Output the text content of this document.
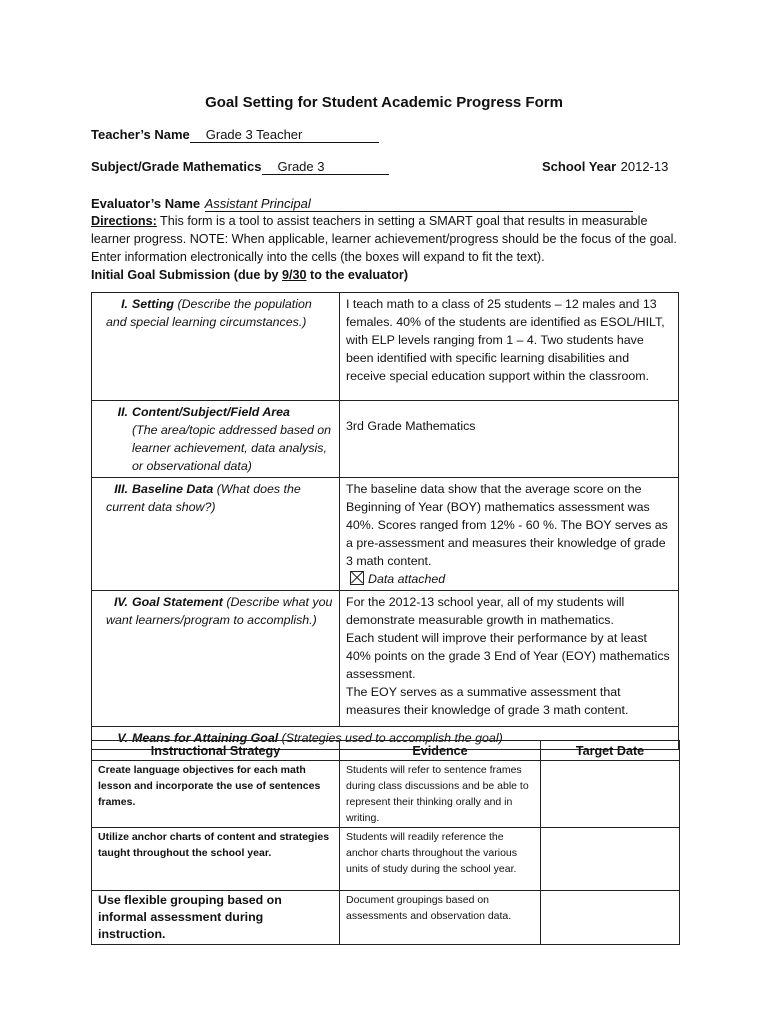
Goal Setting for Student Academic Progress Form
Teacher’s Name Grade 3 Teacher
Subject/Grade Mathematics Grade 3	School Year 2012-13
Evaluator’s Name Assistant Principal
Directions: This form is a tool to assist teachers in setting a SMART goal that results in measurable learner progress. NOTE: When applicable, learner achievement/progress should be the focus of the goal. Enter information electronically into the cells (the boxes will expand to fit the text).
Initial Goal Submission (due by 9/30 to the evaluator)
I. Setting (Describe the population and special learning circumstances.)	I teach math to a class of 25 students – 12 males and 13 females. 40% of the students are identified as ESOL/HILT, with ELP levels ranging from 1 – 4. Two students have been identified with specific learning disabilities and receive special education support within the classroom.

II. Content/Subject/Field Area
(The area/topic addressed based on learner achievement, data analysis, or observational data)	3rd Grade Mathematics

III. Baseline Data (What does the current data show?)	The baseline data show that the average score on the Beginning of Year (BOY) mathematics assessment was 40%. Scores ranged from 12% - 60 %. The BOY serves as a pre-assessment and measures their knowledge of grade 3 math content.
Data attached

IV. Goal Statement (Describe what you want learners/program to accomplish.)	For the 2012-13 school year, all of my students will demonstrate measurable growth in mathematics.
Each student will improve their performance by at least 40% points on the grade 3 End of Year (EOY) mathematics assessment.
The EOY serves as a summative assessment that measures their knowledge of grade 3 math content.

V. Means for Attaining Goal (Strategies used to accomplish the goal)	
Instructional Strategy	Evidence	Target Date
Create language objectives for each math lesson and incorporate the use of sentences frames.	Students will refer to sentence frames during class discussions and be able to represent their thinking orally and in writing.	
Utilize anchor charts of content and strategies taught throughout the school year.	Students will readily reference the anchor charts throughout the various units of study during the school year.	
Use flexible grouping based on informal assessment during instruction.	Document groupings based on assessments and observation data.	
